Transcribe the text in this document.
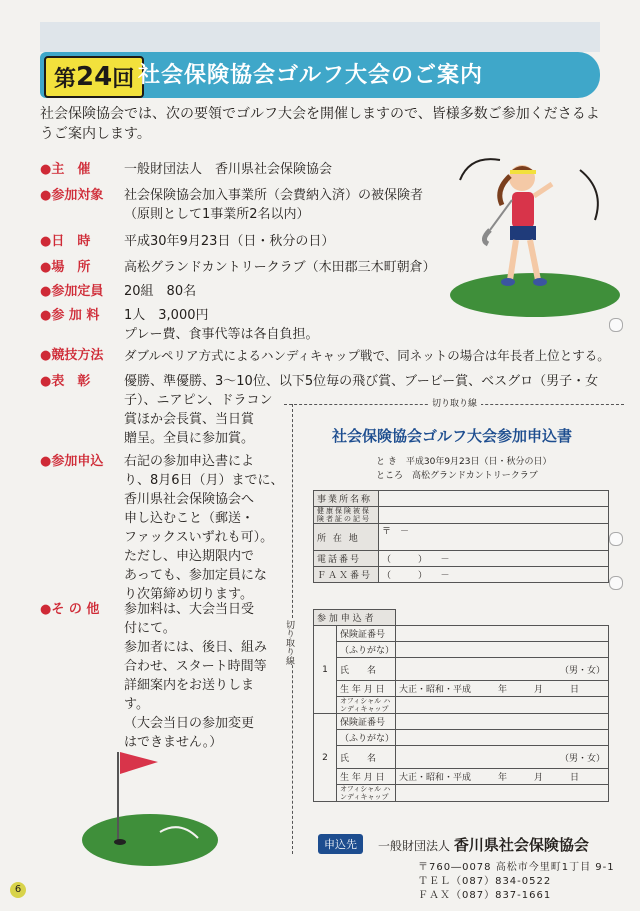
第 24 回 社会保険協会ゴルフ大会のご案内
社会保険協会では、次の要領でゴルフ大会を開催しますので、皆様多数ご参加くださるようご案内します。
●主　催	一般財団法人　香川県社会保険協会
●参加対象	社会保険協会加入事業所（会費納入済）の被保険者
（原則として1事業所2名以内）
●日　時	平成30年9月23日（日・秋分の日）
●場　所	高松グランドカントリークラブ（木田郡三木町朝倉）
●参加定員	20組　80名
●参 加 料	1人　3,000円
プレー費、食事代等は各自負担。
●競技方法	ダブルペリア方式によるハンディキャップ戦で、同ネットの場合は年長者上位とする。
●表　彰	優勝、準優勝、3～10位、以下5位毎の飛び賞、ブービー賞、ベスグロ（男子・女
子）、ニアピン、ドラコン
賞ほか会長賞、当日賞
贈呈。全員に参加賞。
●参加申込	右記の参加申込書によ
り、8月6日（月）までに、
香川県社会保険協会へ
申し込むこと（郵送・
ファックスいずれも可）。
ただし、申込期限内で
あっても、参加定員にな
り次第締め切ります。
●そ の 他	参加料は、大会当日受
付にて。
参加者には、後日、組み
合わせ、スタート時間等
詳細案内をお送りしま
す。
（大会当日の参加変更
はできません。）
切り取り線
切り取り線
社会保険協会ゴルフ大会参加申込書
と き　平成30年9月23日（日・秋分の日）
ところ　高松グランドカントリークラブ
事業所名称	
健康保険被保険者証の記号	
所 在 地	〒　－
電話番号	（　　　）　　－
ＦＡＸ番号	（　　　）　　－
参 加 申 込 者		
1	保険証番号	
	（ふりがな）	
	氏　　名	（男・女）
	生 年 月 日	大正・昭和・平成　　　年　　　月　　　日
	オフィシャル ハンディキャップ	
2	保険証番号	
	（ふりがな）	
	氏　　名	（男・女）
	生 年 月 日	大正・昭和・平成　　　年　　　月　　　日
	オフィシャル ハンディキャップ	
申込先	一般財団法人 香川県社会保険協会
〒760―0078 高松市今里町1丁目 9-1
ＴＥＬ（087）834-0522
ＦＡＸ（087）837-1661
6
